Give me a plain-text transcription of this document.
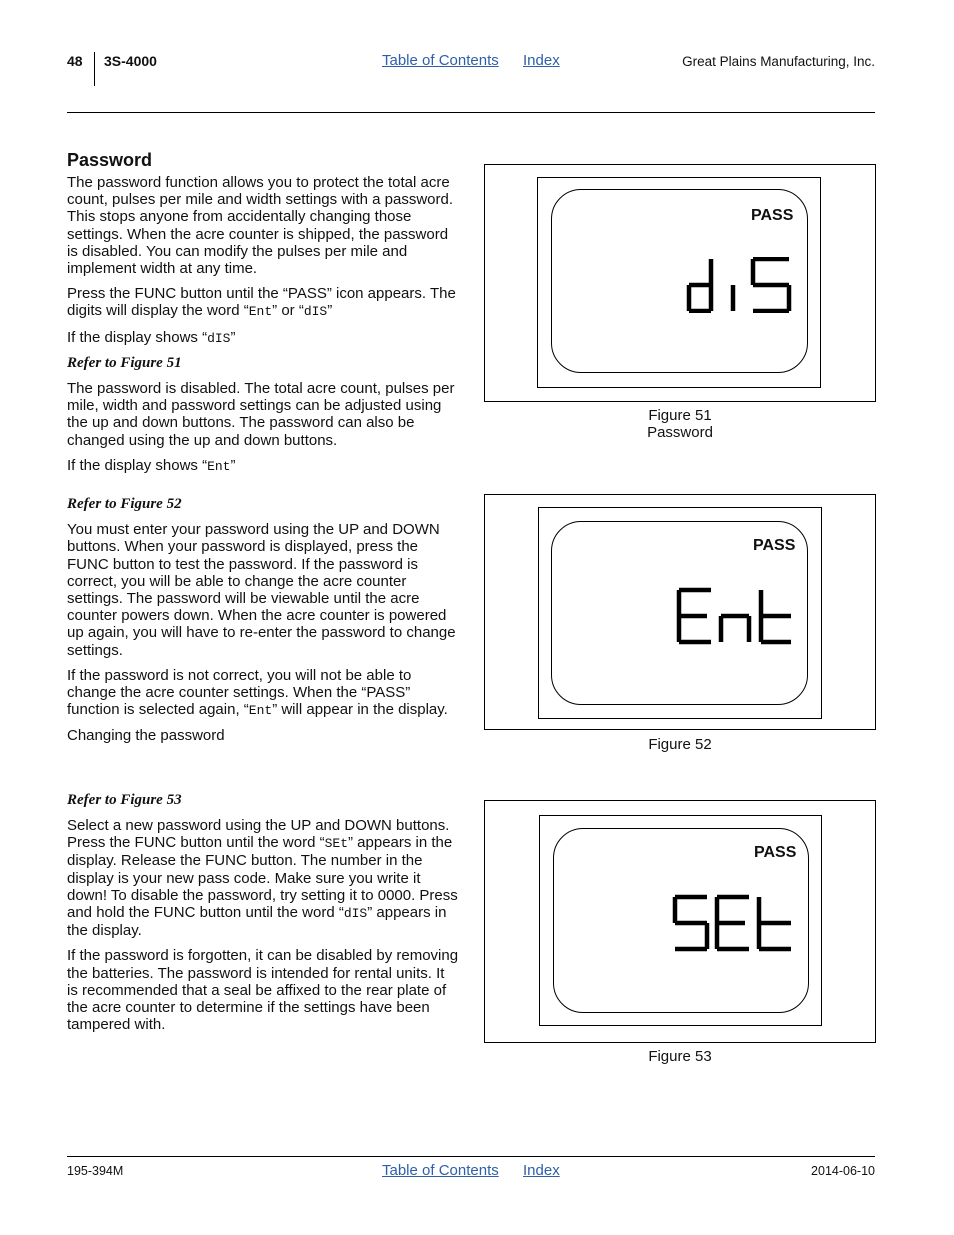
48 3S-4000	Table of Contents Index	Great Plains Manufacturing, Inc.
Password

The password function allows you to protect the total acre count, pulses per mile and width settings with a password. This stops anyone from accidentally changing those settings. When the acre counter is shipped, the password is disabled. You can modify the pulses per mile and implement width at any time.

Press the FUNC button until the “PASS” icon appears. The digits will display the word “Ent” or “dIS”

If the display shows “dIS”

Refer to Figure 51

The password is disabled. The total acre count, pulses per mile, width and password settings can be adjusted using the up and down buttons. The password can also be changed using the up and down buttons.

If the display shows “Ent”

Refer to Figure 52

You must enter your password using the UP and DOWN buttons. When your password is displayed, press the FUNC button to test the password. If the password is correct, you will be able to change the acre counter settings. The password will be viewable until the acre counter powers down. When the acre counter is powered up again, you will have to re-enter the password to change settings.

If the password is not correct, you will not be able to change the acre counter settings. When the “PASS” function is selected again, “Ent” will appear in the display.

Changing the password

Refer to Figure 53

Select a new password using the UP and DOWN buttons. Press the FUNC button until the word “SEt” appears in the display. Release the FUNC button. The number in the display is your new pass code. Make sure you write it down! To disable the password, try setting it to 0000. Press and hold the FUNC button until the word “dIS” appears in the display.

If the password is forgotten, it can be disabled by removing the batteries. The password is intended for rental units. It is recommended that a seal be affixed to the rear plate of the acre counter to determine if the settings have been tampered with.

PASS
Figure 51
Password
PASS
Figure 52
PASS
Figure 53
195-394M	Table of Contents Index	2014-06-10
